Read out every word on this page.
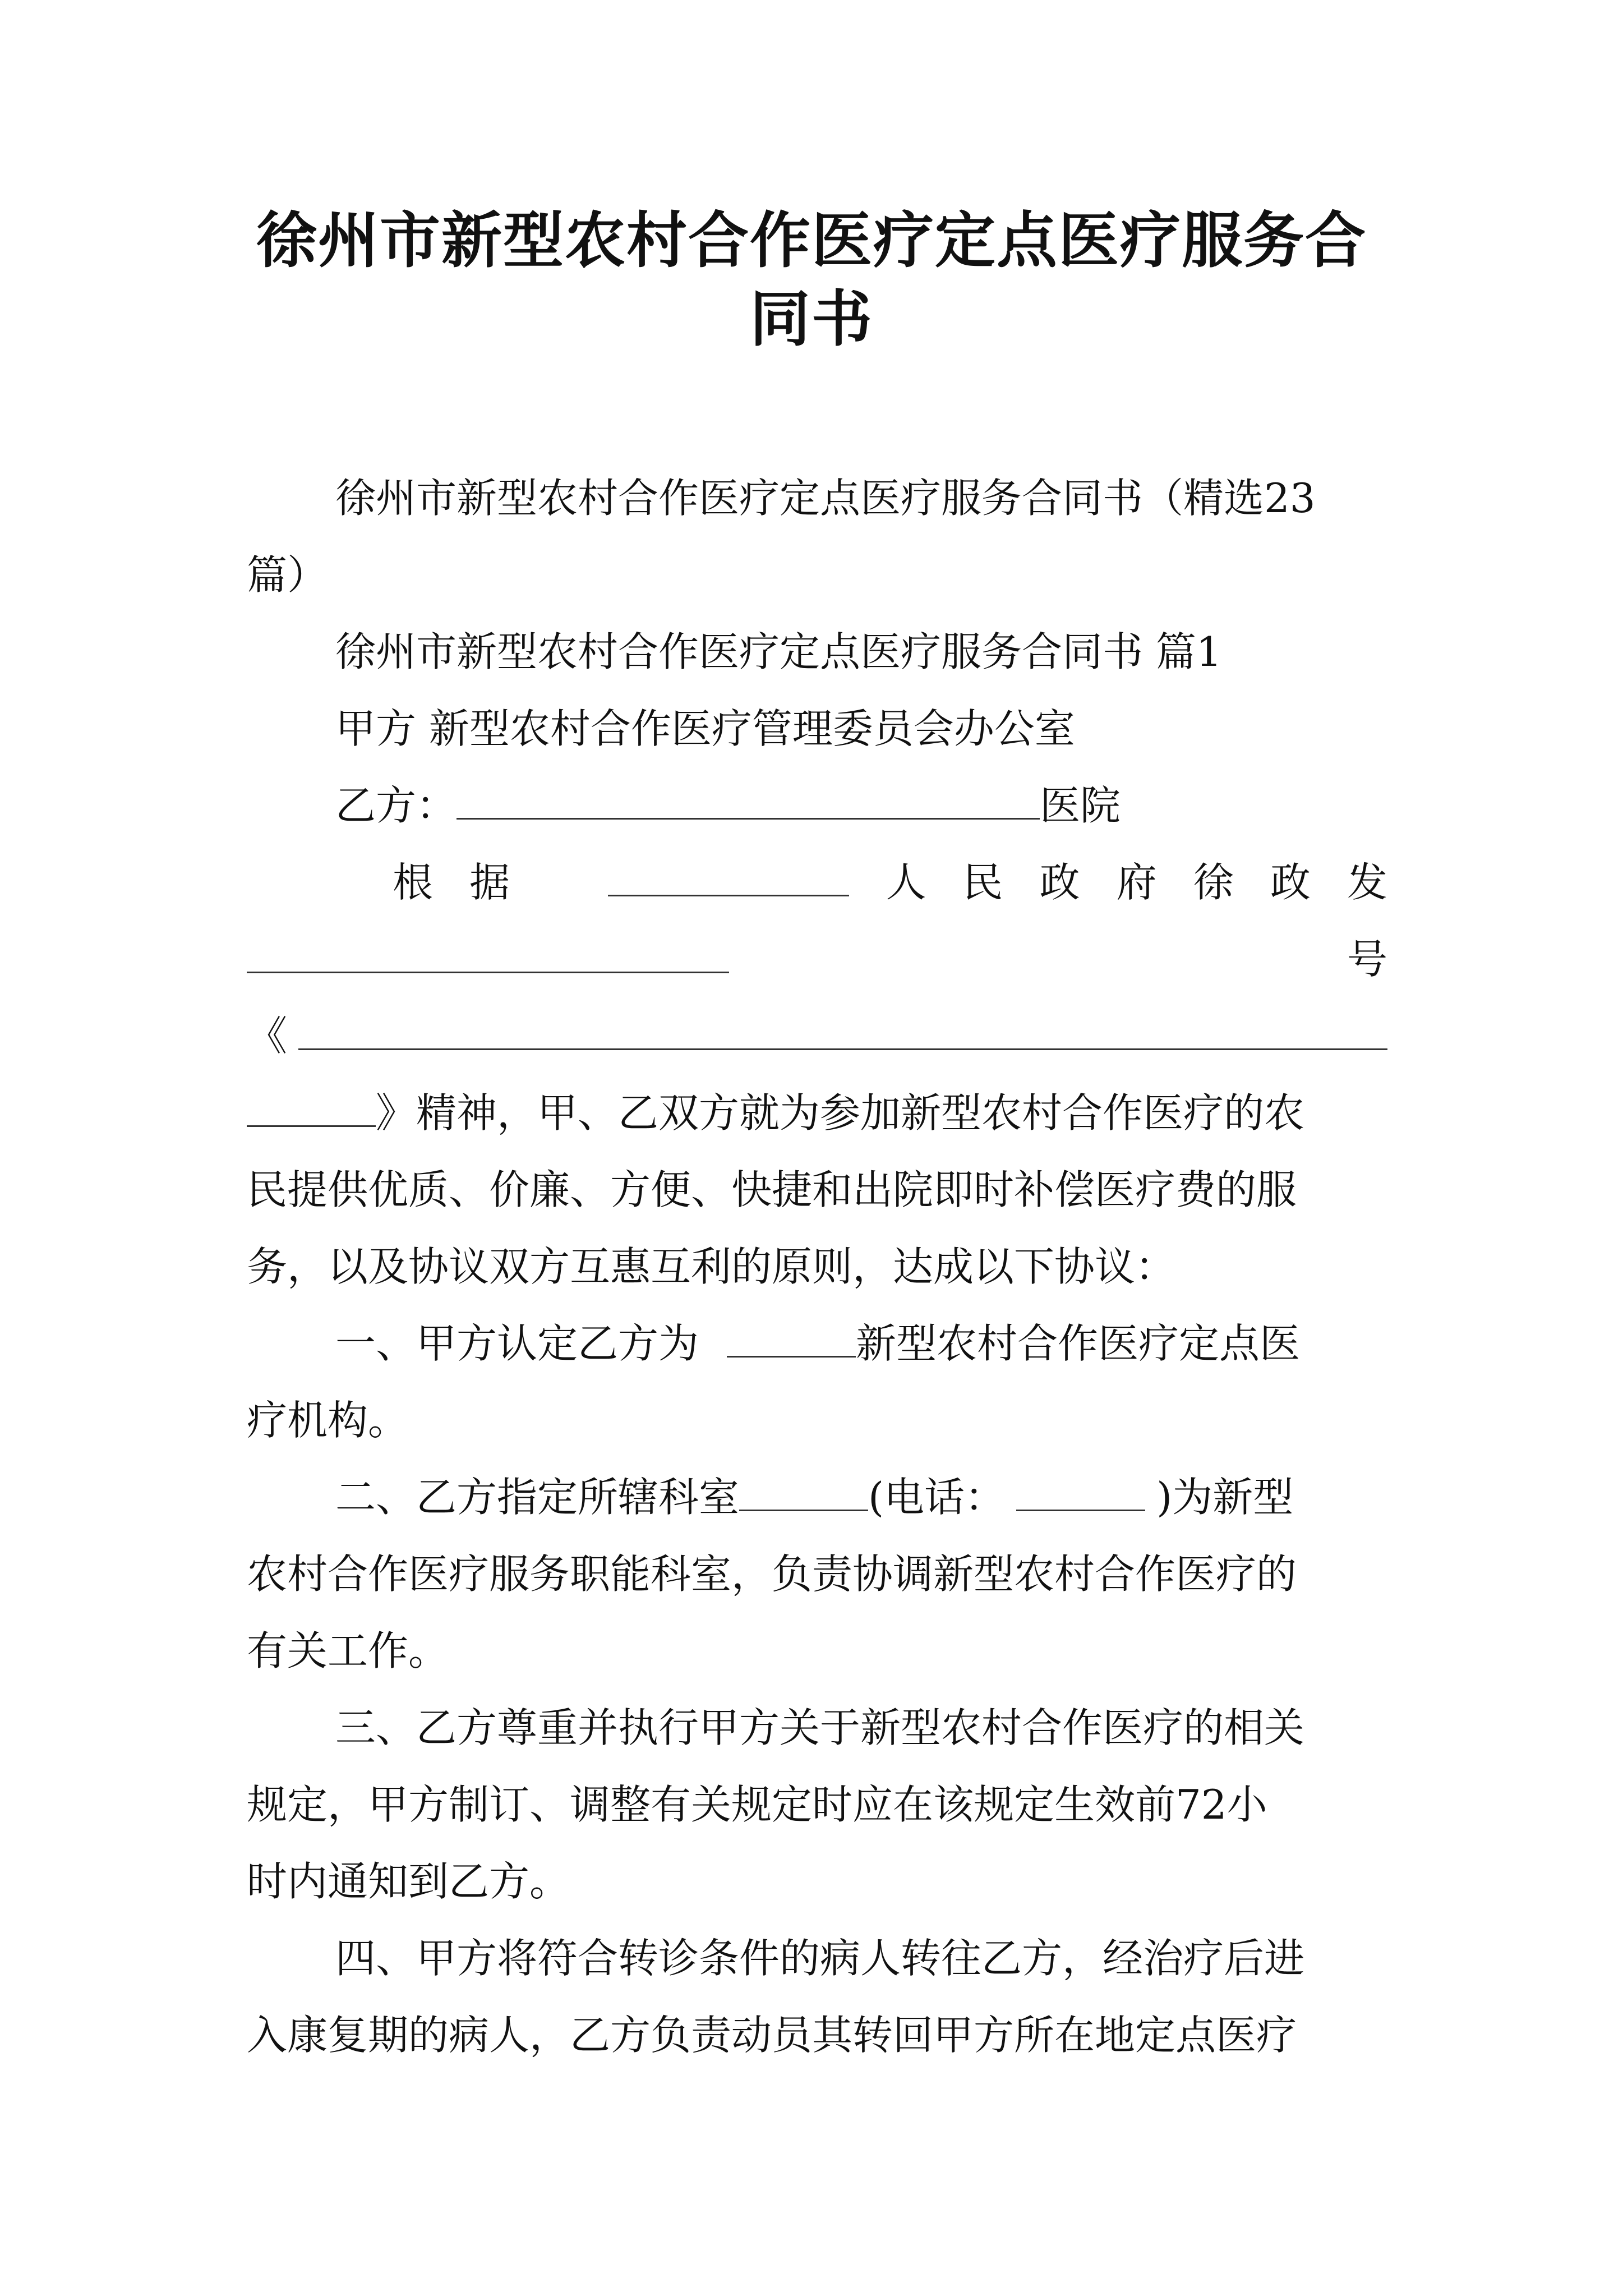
徐州市新型农村合作医疗定点医疗服务合
同书
徐州市新型农村合作医疗定点医疗服务合同书（精选23
篇）
徐州市新型农村合作医疗定点医疗服务合同书 篇1
甲方 新型农村合作医疗管理委员会办公室
乙方：	医院
根 据	人 民 政 府 徐 政 发
号
《
》精神，甲、乙双方就为参加新型农村合作医疗的农
民提供优质、价廉、方便、快捷和出院即时补偿医疗费的服
务，以及协议双方互惠互利的原则，达成以下协议：
一、甲方认定乙方为	新型农村合作医疗定点医
疗机构。
二、乙方指定所辖科室	(电话：	)为新型
农村合作医疗服务职能科室，负责协调新型农村合作医疗的
有关工作。
三、乙方尊重并执行甲方关于新型农村合作医疗的相关
规定，甲方制订、调整有关规定时应在该规定生效前72小
时内通知到乙方。
四、甲方将符合转诊条件的病人转往乙方，经治疗后进
入康复期的病人，乙方负责动员其转回甲方所在地定点医疗
